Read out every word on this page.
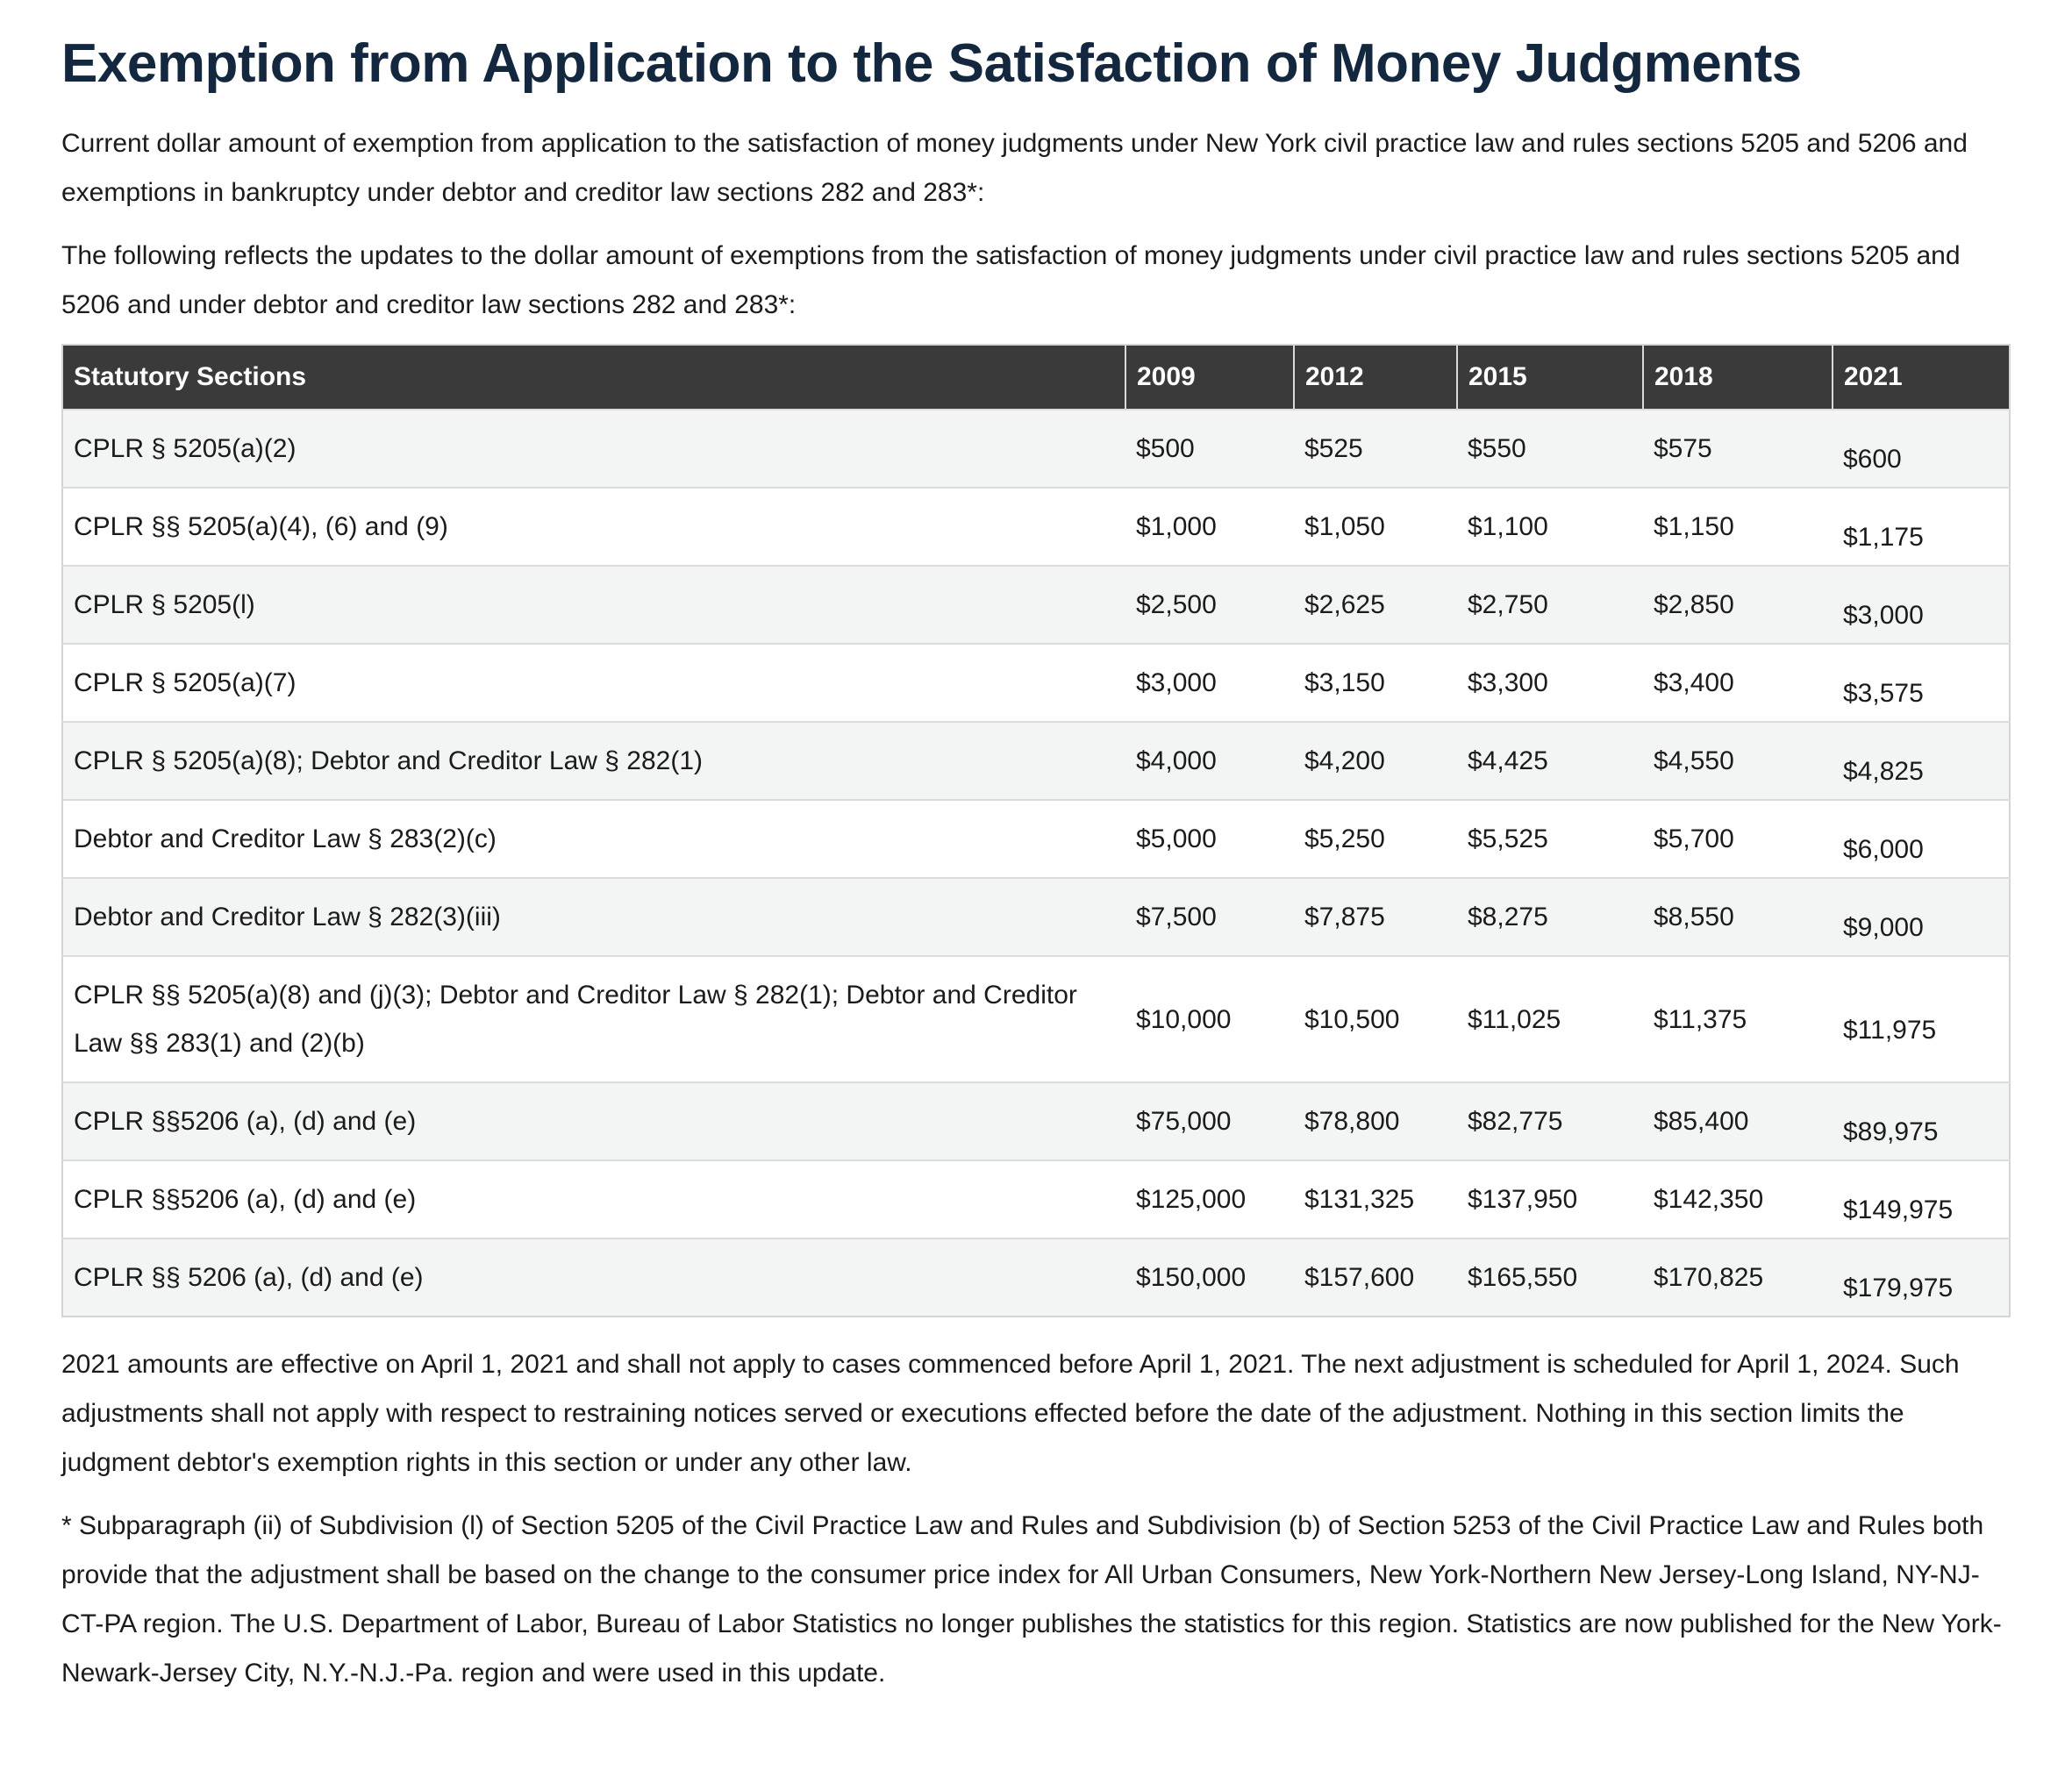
Exemption from Application to the Satisfaction of Money Judgments

Current dollar amount of exemption from application to the satisfaction of money judgments under New York civil practice law and rules sections 5205 and 5206 and exemptions in bankruptcy under debtor and creditor law sections 282 and 283*:

The following reflects the updates to the dollar amount of exemptions from the satisfaction of money judgments under civil practice law and rules sections 5205 and 5206 and under debtor and creditor law sections 282 and 283*:

Statutory Sections	2009	2012	2015	2018	2021
CPLR § 5205(a)(2)	$500	$525	$550	$575	$600
CPLR §§ 5205(a)(4), (6) and (9)	$1,000	$1,050	$1,100	$1,150	$1,175
CPLR § 5205(l)	$2,500	$2,625	$2,750	$2,850	$3,000
CPLR § 5205(a)(7)	$3,000	$3,150	$3,300	$3,400	$3,575
CPLR § 5205(a)(8); Debtor and Creditor Law § 282(1)	$4,000	$4,200	$4,425	$4,550	$4,825
Debtor and Creditor Law § 283(2)(c)	$5,000	$5,250	$5,525	$5,700	$6,000
Debtor and Creditor Law § 282(3)(iii)	$7,500	$7,875	$8,275	$8,550	$9,000
CPLR §§ 5205(a)(8) and (j)(3); Debtor and Creditor Law § 282(1); Debtor and Creditor Law §§ 283(1) and (2)(b)	$10,000	$10,500	$11,025	$11,375	$11,975
CPLR §§5206 (a), (d) and (e)	$75,000	$78,800	$82,775	$85,400	$89,975
CPLR §§5206 (a), (d) and (e)	$125,000	$131,325	$137,950	$142,350	$149,975
CPLR §§ 5206 (a), (d) and (e)	$150,000	$157,600	$165,550	$170,825	$179,975

2021 amounts are effective on April 1, 2021 and shall not apply to cases commenced before April 1, 2021. The next adjustment is scheduled for April 1, 2024. Such adjustments shall not apply with respect to restraining notices served or executions effected before the date of the adjustment. Nothing in this section limits the judgment debtor's exemption rights in this section or under any other law.

* Subparagraph (ii) of Subdivision (l) of Section 5205 of the Civil Practice Law and Rules and Subdivision (b) of Section 5253 of the Civil Practice Law and Rules both provide that the adjustment shall be based on the change to the consumer price index for All Urban Consumers, New York-Northern New Jersey-Long Island, NY-NJ-CT-PA region. The U.S. Department of Labor, Bureau of Labor Statistics no longer publishes the statistics for this region. Statistics are now published for the New York-Newark-Jersey City, N.Y.-N.J.-Pa. region and were used in this update.
